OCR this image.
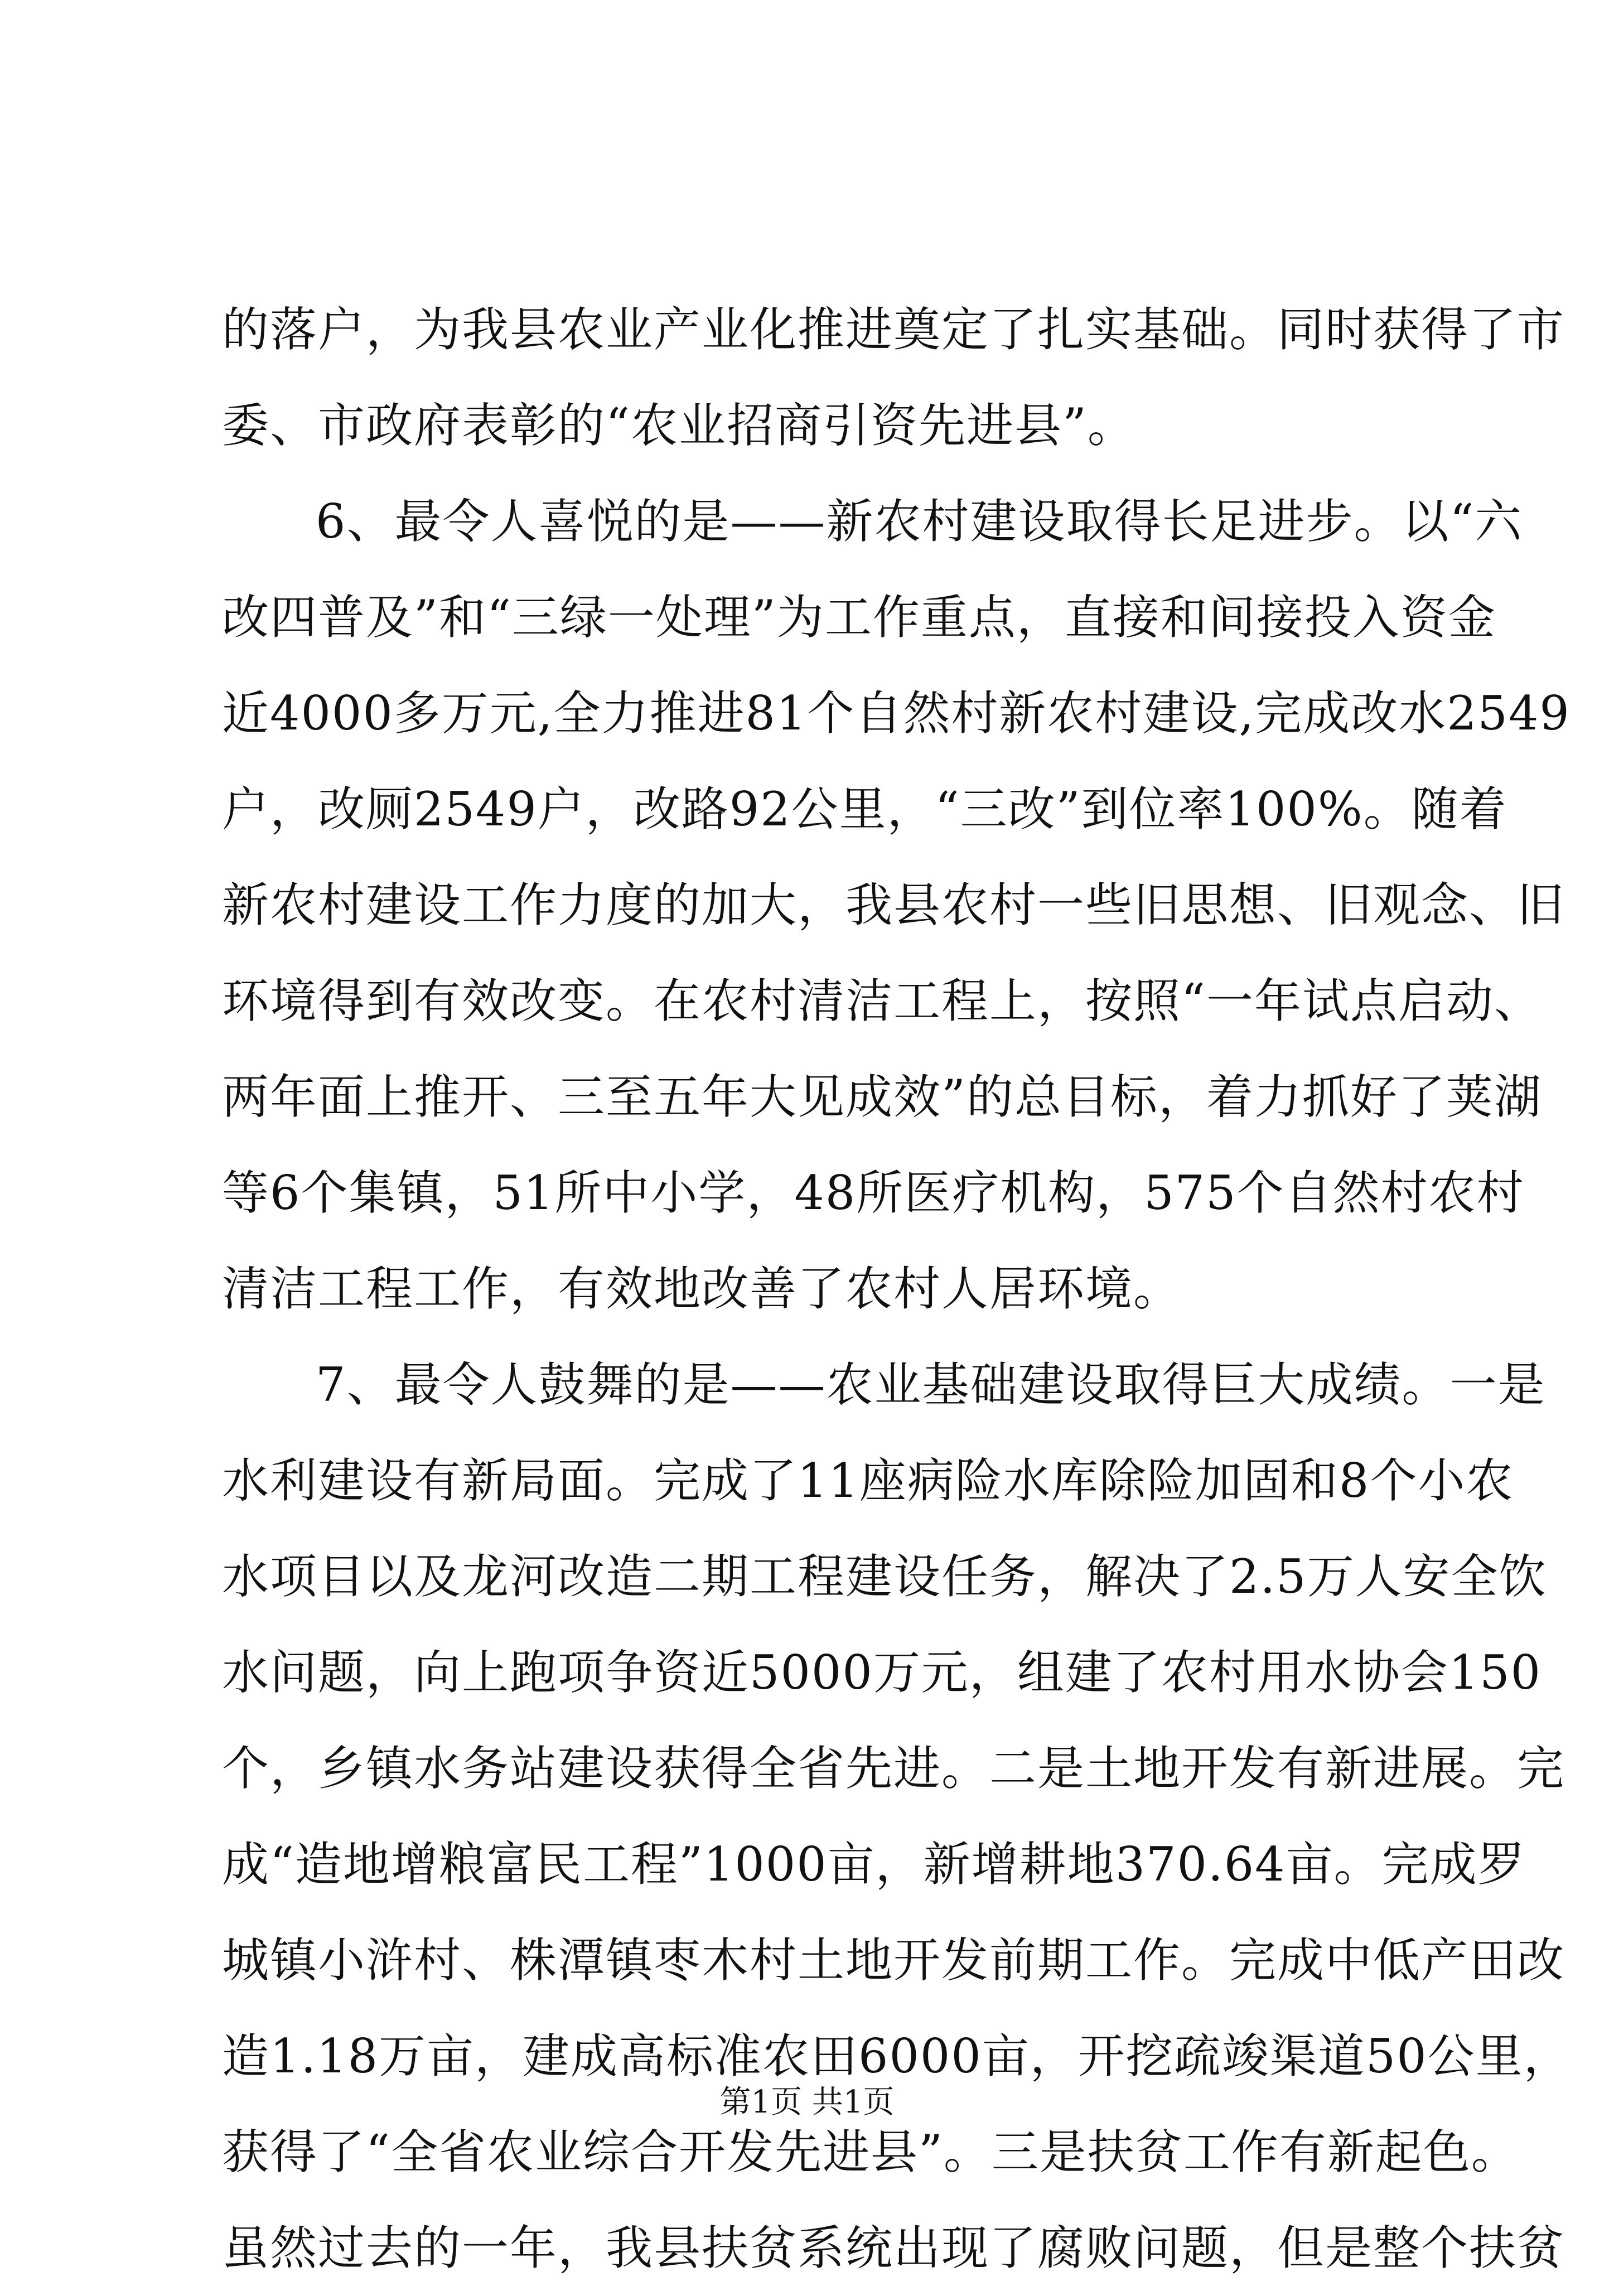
的落户，为我县农业产业化推进奠定了扎实基础。同时获得了市
委、市政府表彰的“农业招商引资先进县”。
6、最令人喜悦的是——新农村建设取得长足进步。以“六
改四普及”和“三绿一处理”为工作重点，直接和间接投入资金
近4000多万元,全力推进81个自然村新农村建设,完成改水2549
户，改厕2549户，改路92公里，“三改”到位率100%。随着
新农村建设工作力度的加大，我县农村一些旧思想、旧观念、旧
环境得到有效改变。在农村清洁工程上，按照“一年试点启动、
两年面上推开、三至五年大见成效”的总目标，着力抓好了荚湖
等6个集镇，51所中小学，48所医疗机构，575个自然村农村
清洁工程工作，有效地改善了农村人居环境。
7、最令人鼓舞的是——农业基础建设取得巨大成绩。一是
水利建设有新局面。完成了11座病险水库除险加固和8个小农
水项目以及龙河改造二期工程建设任务，解决了2.5万人安全饮
水问题，向上跑项争资近5000万元，组建了农村用水协会150
个，乡镇水务站建设获得全省先进。二是土地开发有新进展。完
成“造地增粮富民工程”1000亩，新增耕地370.64亩。完成罗
城镇小浒村、株潭镇枣木村土地开发前期工作。完成中低产田改
造1.18万亩，建成高标准农田6000亩，开挖疏竣渠道50公里，
获得了“全省农业综合开发先进县”。三是扶贫工作有新起色。
虽然过去的一年，我县扶贫系统出现了腐败问题，但是整个扶贫
第1页 共1页
